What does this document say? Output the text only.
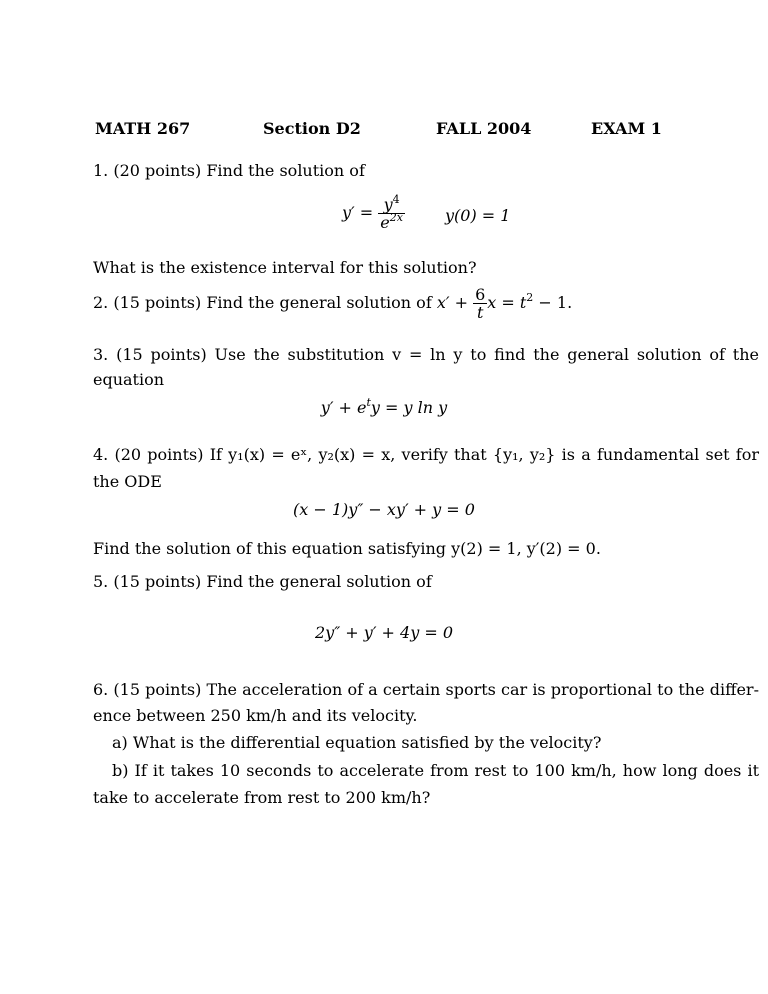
MATH 267	Section D2	FALL 2004	EXAM 1
1. (20 points) Find the solution of
$y' = \frac{y^4}{e^{2x}}$	y(0) = 1
What is the existence interval for this solution?
2. (15 points) Find the general solution of $x' + \frac{6}{t}$ $x = t^2 - 1$.
3. (15 points) Use the substitution v = ln y to find the general solution of the
equation
$y' + e^ty = y$ ln y
4. (20 points) If y₁(x) = eˣ, y₂(x) = x, verify that {y₁, y₂} is a fundamental set for
the ODE
(x − 1)y″ − xy′ + y = 0
Find the solution of this equation satisfying y(2) = 1, y′(2) = 0.
5. (15 points) Find the general solution of
2y″ + y′ + 4y = 0
6. (15 points) The acceleration of a certain sports car is proportional to the differ-
ence between 250 km/h and its velocity.
a) What is the differential equation satisfied by the velocity?
b) If it takes 10 seconds to accelerate from rest to 100 km/h, how long does it
take to accelerate from rest to 200 km/h?
